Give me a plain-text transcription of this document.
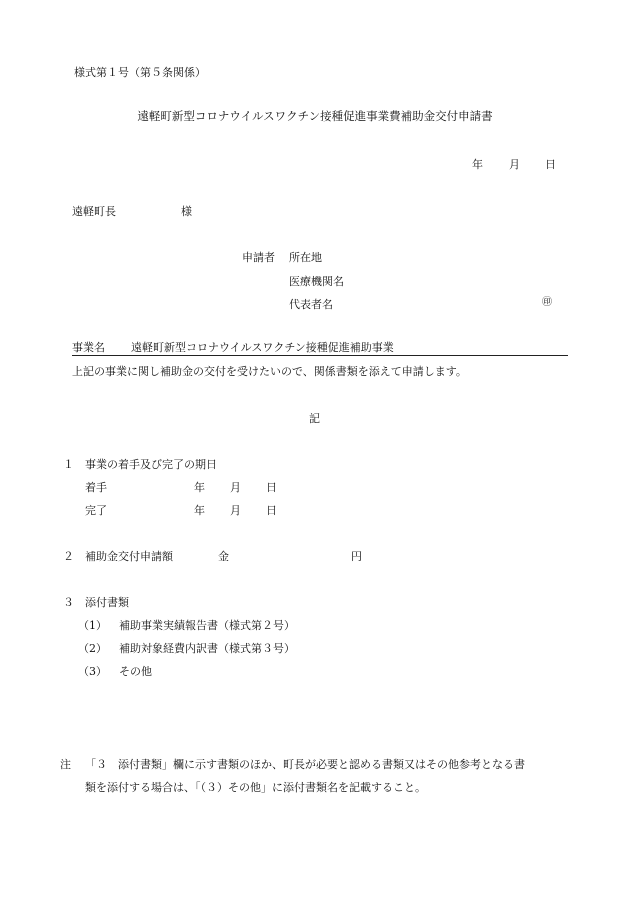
様式第１号（第５条関係）
遠軽町新型コロナウイルスワクチン接種促進事業費補助金交付申請書
年 月 日
遠軽町長	様
申請者 所在地
医療機関名
代表者名	㊞
事業名 遠軽町新型コロナウイルスワクチン接種促進補助事業
上記の事業に関し補助金の交付を受けたいので、関係書類を添えて申請します。
記
１ 事業の着手及び完了の期日
着手	年 月 日
完了	年 月 日
２ 補助金交付申請額	金	円
３ 添付書類
（1） 補助事業実績報告書（様式第２号）
（2） 補助対象経費内訳書（様式第３号）
（3） その他
注 「３　添付書類」欄に示す書類のほか、町長が必要と認める書類又はその他参考となる書
類を添付する場合は、「（３）その他」に添付書類名を記載すること。
